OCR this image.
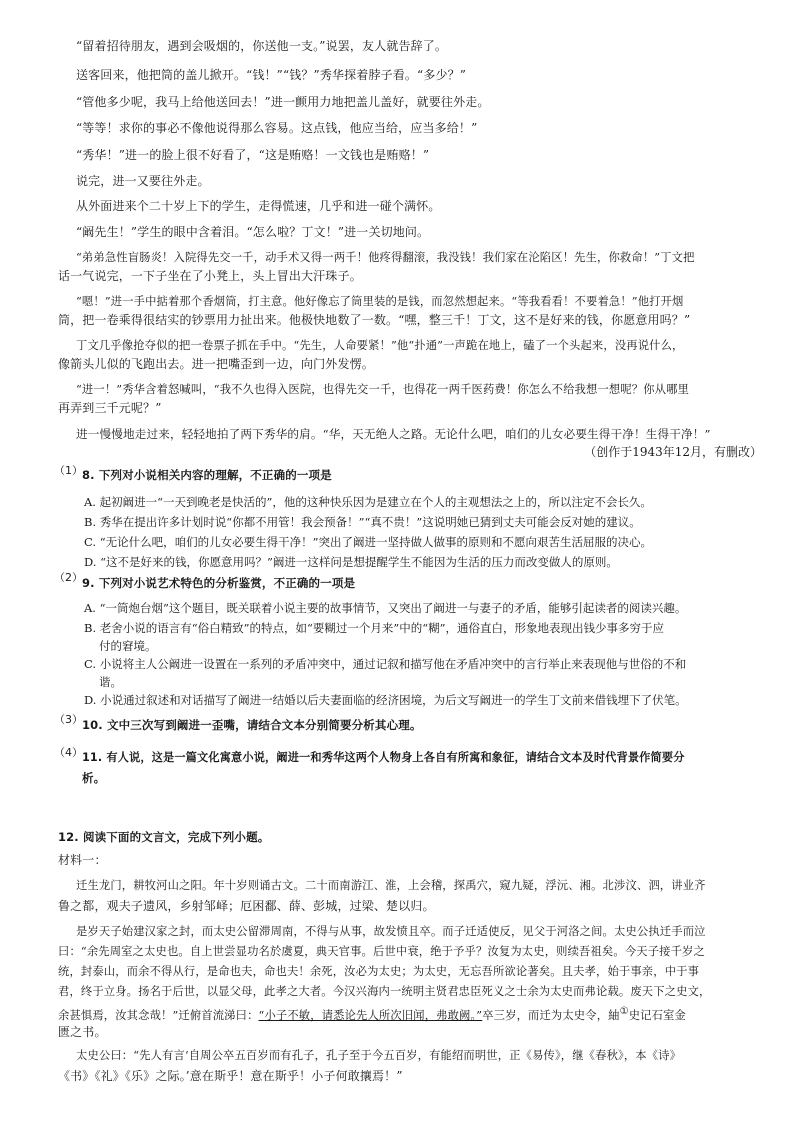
“留着招待朋友，遇到会吸烟的，你送他一支。”说罢，友人就告辞了。
送客回来，他把筒的盖儿掀开。“钱！”“钱？”秀华探着脖子看。“多少？”
“管他多少呢，我马上给他送回去！”进一颤用力地把盖儿盖好，就要往外走。
“等等！求你的事必不像他说得那么容易。这点钱，他应当给，应当多给！”
“秀华！”进一的脸上很不好看了，“这是贿赂！一文钱也是贿赂！”
说完，进一又要往外走。
从外面进来个二十岁上下的学生，走得慌速，几乎和进一碰个满怀。
“阚先生！”学生的眼中含着泪。“怎么啦？丁文！”进一关切地问。
“弟弟急性盲肠炎！入院得先交一千，动手术又得一两千！他疼得翻滚，我没钱！我们家在沦陷区！先生，你救命！”丁文把
话一气说完，一下子坐在了小凳上，头上冒出大汗珠子。
“嗯！”进一手中掂着那个香烟筒，打主意。他好像忘了筒里装的是钱，而忽然想起来。“等我看看！不要着急！”他打开烟
筒，把一卷乘得很结实的钞票用力扯出来。他极快地数了一数。“嘿，整三千！丁文，这不是好来的钱，你愿意用吗？”
丁文几乎像抢夺似的把一卷票子抓在手中。“先生，人命要紧！”他“扑通”一声跪在地上，磕了一个头起来，没再说什么，
像箭头儿似的飞跑出去。进一把嘴歪到一边，向门外发愣。
“进一！”秀华含着怒喊叫，“我不久也得入医院，也得先交一千，也得花一两千医药费！你怎么不给我想一想呢？你从哪里
再弄到三千元呢？”
进一慢慢地走过来，轻轻地拍了两下秀华的肩。“华，天无绝人之路。无论什么吧，咱们的儿女必要生得干净！生得干净！”
（创作于1943年12月，有删改）
（1） 8. 下列对小说相关内容的理解，不正确的一项是
A. 起初阚进一“一天到晚老是快活的”，他的这种快乐因为是建立在个人的主观想法之上的，所以注定不会长久。
B. 秀华在提出许多计划时说“你都不用管！我会预备！”“真不贵！”这说明她已猜到丈夫可能会反对她的建议。
C. “无论什么吧，咱们的儿女必要生得干净！”突出了阚进一坚持做人做事的原则和不愿向艰苦生活屈服的决心。
D. “这不是好来的钱，你愿意用吗？”阚进一这样问是想提醒学生不能因为生活的压力而改变做人的原则。
（2） 9. 下列对小说艺术特色的分析鉴赏，不正确的一项是
A. “一筒炮台烟”这个题目，既关联着小说主要的故事情节，又突出了阚进一与妻子的矛盾，能够引起读者的阅读兴趣。
B. 老舍小说的语言有“俗白精致”的特点，如“要糊过一个月来”中的“糊”，通俗直白，形象地表现出钱少事多穷于应
付的窘境。
C. 小说将主人公阚进一设置在一系列的矛盾冲突中，通过记叙和描写他在矛盾冲突中的言行举止来表现他与世俗的不和
谐。
D. 小说通过叙述和对话描写了阚进一结婚以后夫妻面临的经济困境，为后文写阚进一的学生丁文前来借钱埋下了伏笔。
（3） 10. 文中三次写到阚进一歪嘴，请结合文本分别简要分析其心理。
（4） 11. 有人说，这是一篇文化寓意小说，阚进一和秀华这两个人物身上各自有所寓和象征，请结合文本及时代背景作简要分
析。
12. 阅读下面的文言文，完成下列小题。
材料一：
迁生龙门，耕牧河山之阳。年十岁则诵古文。二十而南游江、淮，上会稽，探禹穴，窥九疑，浮沅、湘。北涉汶、泗，讲业齐
鲁之都，观夫子遗风，乡射邹峄；厄困鄱、薛、彭城，过梁、楚以归。
是岁天子始建汉家之封，而太史公留滞周南，不得与从事，故发愤且卒。而子迁适使反，见父于河洛之间。太史公执迁手而泣
曰：“余先周室之太史也。自上世尝显功名於虞夏，典天官事。后世中衰，绝于予乎？汝复为太史，则续吾祖矣。今天子接千岁之
统，封泰山，而余不得从行，是命也夫，命也夫！余死，汝必为太史；为太史，无忘吾所欲论著矣。且夫孝，始于事亲，中于事
君，终于立身。扬名于后世，以显父母，此孝之大者。今汉兴海内一统明主贤君忠臣死义之士余为太史而弗论载。废天下之史文，
余甚惧焉，汝其念哉！”迁俯首流涕曰：“小子不敏，请悉论先人所次旧闻，弗敢阙。”卒三岁，而迁为太史令，紬①史记石室金
匮之书。
太史公曰：“先人有言‘自周公卒五百岁而有孔子，孔子至于今五百岁，有能绍而明世，正《易传》，继《春秋》，本《诗》
《书》《礼》《乐》之际。’意在斯乎！意在斯乎！小子何敢攘焉！”
